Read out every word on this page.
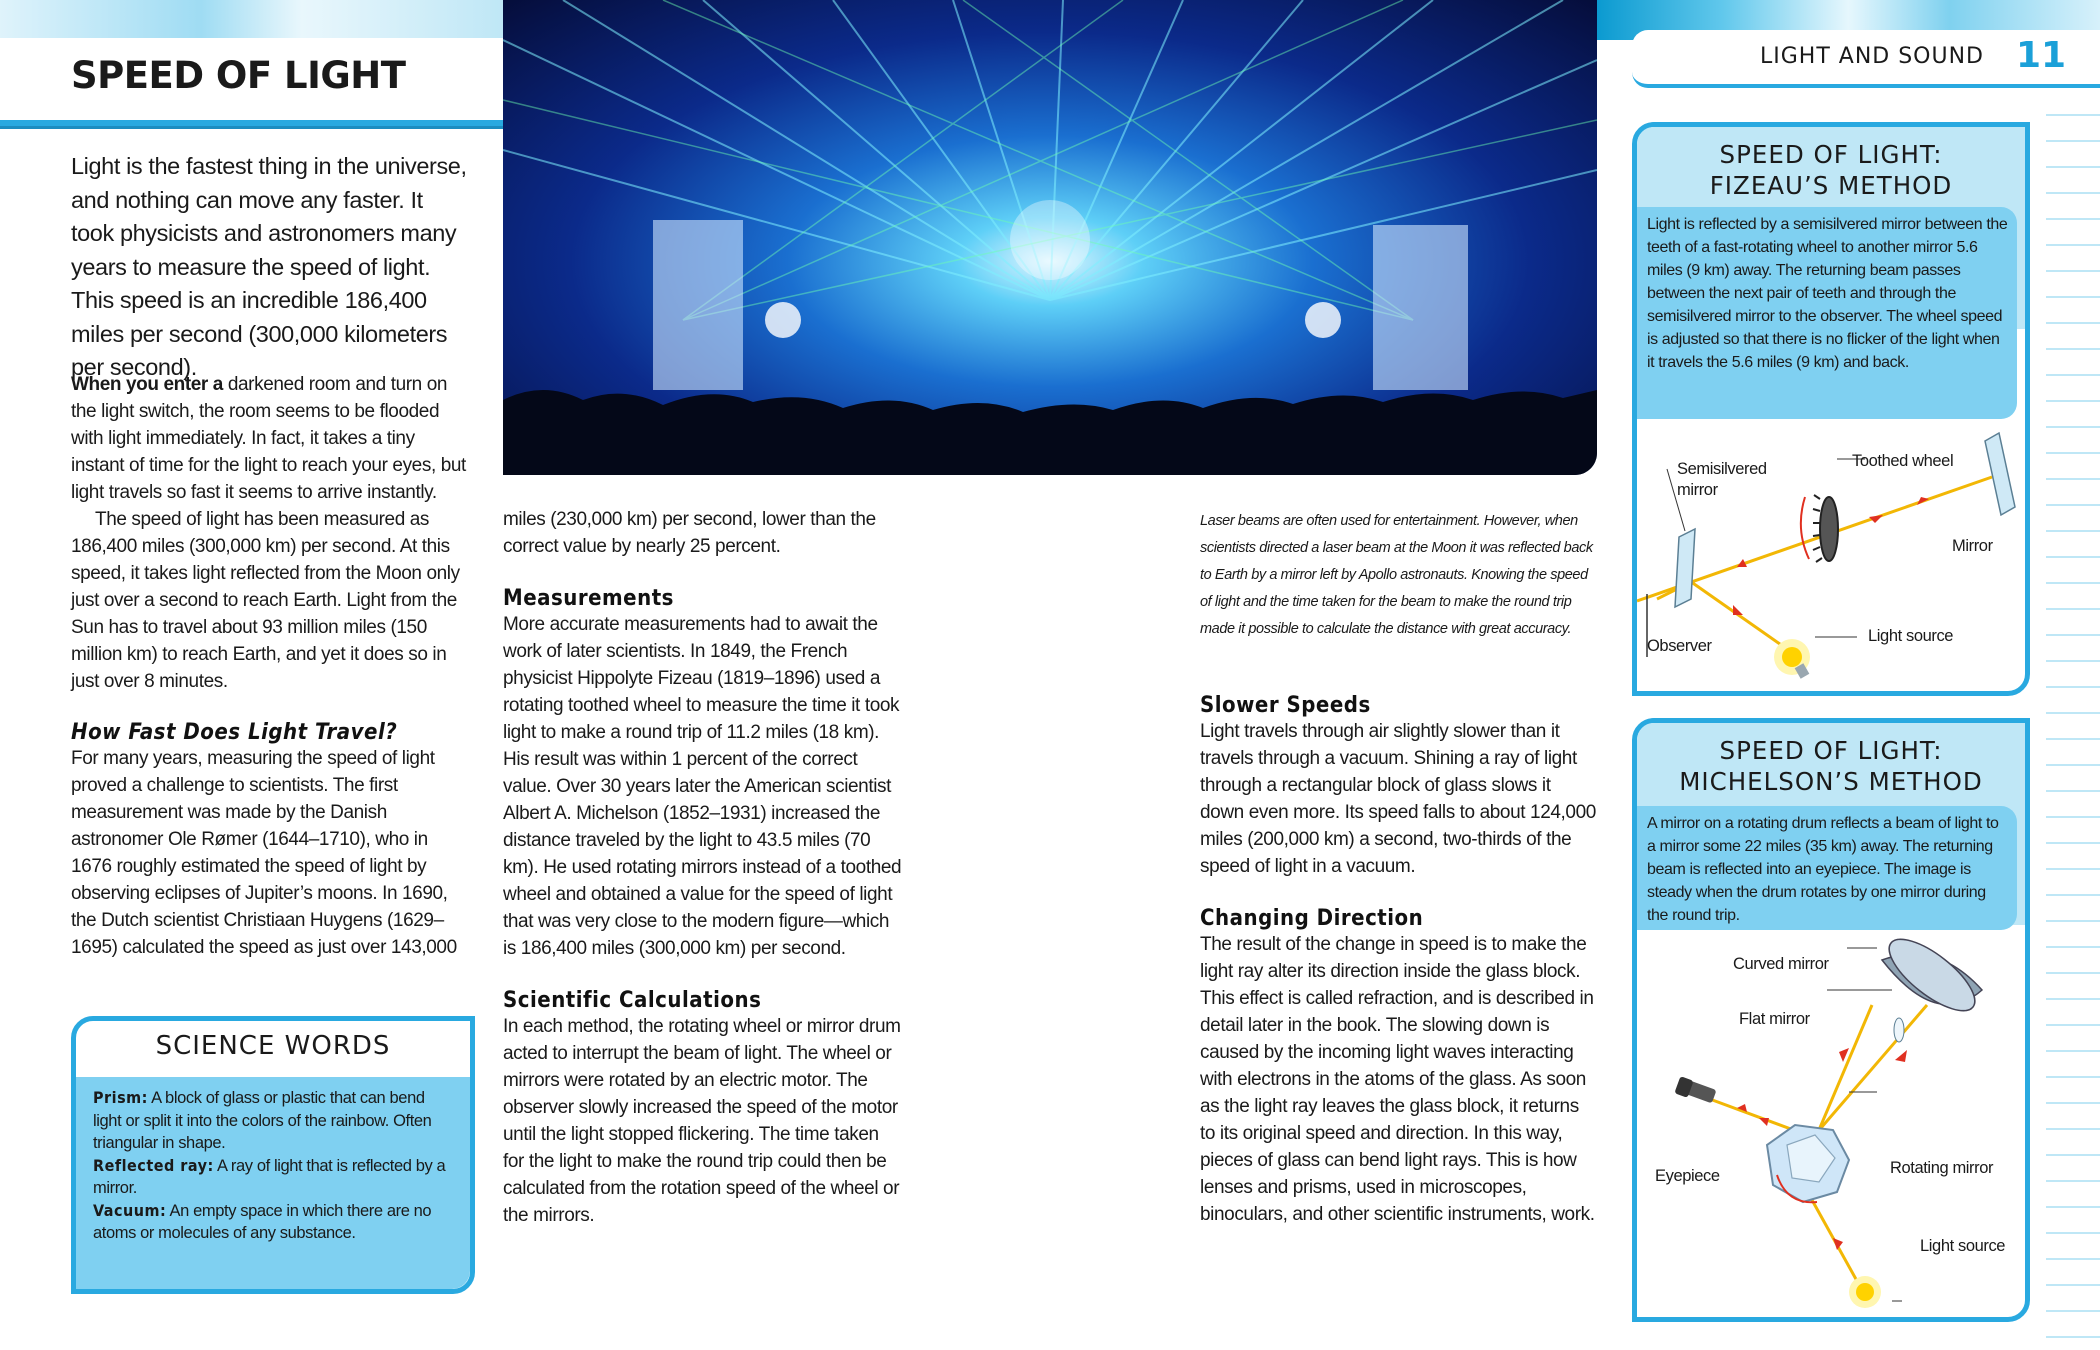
SPEED OF LIGHT	LIGHT AND SOUND 11
Light is the fastest thing in the universe, and nothing can move any faster. It took physicists and astronomers many years to measure the speed of light. This speed is an incredible 186,400 miles per second (300,000 kilometers per second).
When you enter a darkened room and turn on the light switch, the room seems to be flooded with light immediately. In fact, it takes a tiny instant of time for the light to reach your eyes, but light travels so fast it seems to arrive instantly.
The speed of light has been measured as 186,400 miles (300,000 km) per second. At this speed, it takes light reflected from the Moon only just over a second to reach Earth. Light from the Sun has to travel about 93 million miles (150 million km) to reach Earth, and yet it does so in just over 8 minutes.
How Fast Does Light Travel?
For many years, measuring the speed of light proved a challenge to scientists. The first measurement was made by the Danish astronomer Ole Rømer (1644–1710), who in 1676 roughly estimated the speed of light by observing eclipses of Jupiter’s moons. In 1690, the Dutch scientist Christiaan Huygens (1629–1695) calculated the speed as just over 143,000
SCIENCE WORDS
Prism: A block of glass or plastic that can bend light or split it into the colors of the rainbow. Often triangular in shape.
Reflected ray: A ray of light that is reflected by a mirror.
Vacuum: An empty space in which there are no atoms or molecules of any substance.
miles (230,000 km) per second, lower than the correct value by nearly 25 percent.
Measurements
More accurate measurements had to await the work of later scientists. In 1849, the French physicist Hippolyte Fizeau (1819–1896) used a rotating toothed wheel to measure the time it took light to make a round trip of 11.2 miles (18 km). His result was within 1 percent of the correct value. Over 30 years later the American scientist Albert A. Michelson (1852–1931) increased the distance traveled by the light to 43.5 miles (70 km). He used rotating mirrors instead of a toothed wheel and obtained a value for the speed of light that was very close to the modern figure—which is 186,400 miles (300,000 km) per second.
Scientific Calculations
In each method, the rotating wheel or mirror drum acted to interrupt the beam of light. The wheel or mirrors were rotated by an electric motor. The observer slowly increased the speed of the motor until the light stopped flickering. The time taken for the light to make the round trip could then be calculated from the rotation speed of the wheel or the mirrors.
Laser beams are often used for entertainment. However, when scientists directed a laser beam at the Moon it was reflected back to Earth by a mirror left by Apollo astronauts. Knowing the speed of light and the time taken for the beam to make the round trip made it possible to calculate the distance with great accuracy.
Slower Speeds
Light travels through air slightly slower than it travels through a vacuum. Shining a ray of light through a rectangular block of glass slows it down even more. Its speed falls to about 124,000 miles (200,000 km) a second, two-thirds of the speed of light in a vacuum.
Changing Direction
The result of the change in speed is to make the light ray alter its direction inside the glass block. This effect is called refraction, and is described in detail later in the book. The slowing down is caused by the incoming light waves interacting with electrons in the atoms of the glass. As soon as the light ray leaves the glass block, it returns to its original speed and direction. In this way, pieces of glass can bend light rays. This is how lenses and prisms, used in microscopes, binoculars, and other scientific instruments, work.
SPEED OF LIGHT:
FIZEAU’S METHOD
Light is reflected by a semisilvered mirror between the teeth of a fast-rotating wheel to another mirror 5.6 miles (9 km) away. The returning beam passes between the next pair of teeth and through the semisilvered mirror to the observer. The wheel speed is adjusted so that there is no flicker of the light when it travels the 5.6 miles (9 km) and back.
Semisilvered
mirror
Toothed wheel
Mirror
Observer
Light source
SPEED OF LIGHT:
MICHELSON’S METHOD
A mirror on a rotating drum reflects a beam of light to a mirror some 22 miles (35 km) away. The returning beam is reflected into an eyepiece. The image is steady when the drum rotates by one mirror during the round trip.
Curved mirror
Flat mirror
Eyepiece	Rotating mirror
Light source
